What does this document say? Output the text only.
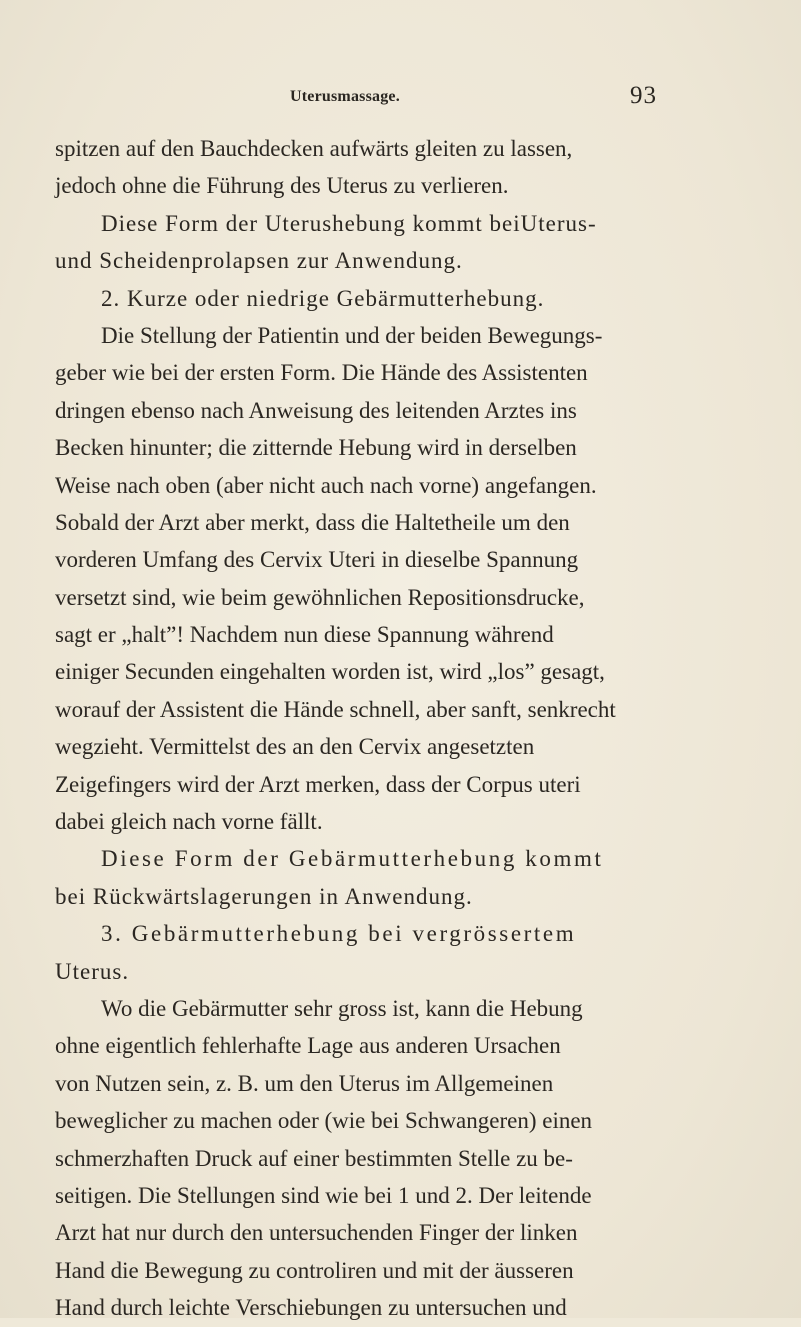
Uterusmassage.	93
spitzen auf den Bauchdecken aufwärts gleiten zu lassen,
jedoch ohne die Führung des Uterus zu verlieren.
Diese Form der Uterushebung kommt beiUterus-
und Scheidenprolapsen zur Anwendung.
2. Kurze oder niedrige Gebärmutterhebung.
Die Stellung der Patientin und der beiden Bewegungs-
geber wie bei der ersten Form. Die Hände des Assistenten
dringen ebenso nach Anweisung des leitenden Arztes ins
Becken hinunter; die zitternde Hebung wird in derselben
Weise nach oben (aber nicht auch nach vorne) angefangen.
Sobald der Arzt aber merkt, dass die Haltetheile um den
vorderen Umfang des Cervix Uteri in dieselbe Spannung
versetzt sind, wie beim gewöhnlichen Repositionsdrucke,
sagt er „halt”! Nachdem nun diese Spannung während
einiger Secunden eingehalten worden ist, wird „los” gesagt,
worauf der Assistent die Hände schnell, aber sanft, senkrecht
wegzieht. Vermittelst des an den Cervix angesetzten
Zeigefingers wird der Arzt merken, dass der Corpus uteri
dabei gleich nach vorne fällt.
Diese Form der Gebärmutterhebung kommt
bei Rückwärtslagerungen in Anwendung.
3. Gebärmutterhebung bei vergrössertem
Uterus.
Wo die Gebärmutter sehr gross ist, kann die Hebung
ohne eigentlich fehlerhafte Lage aus anderen Ursachen
von Nutzen sein, z. B. um den Uterus im Allgemeinen
beweglicher zu machen oder (wie bei Schwangeren) einen
schmerzhaften Druck auf einer bestimmten Stelle zu be-
seitigen. Die Stellungen sind wie bei 1 und 2. Der leitende
Arzt hat nur durch den untersuchenden Finger der linken
Hand die Bewegung zu controliren und mit der äusseren
Hand durch leichte Verschiebungen zu untersuchen und
